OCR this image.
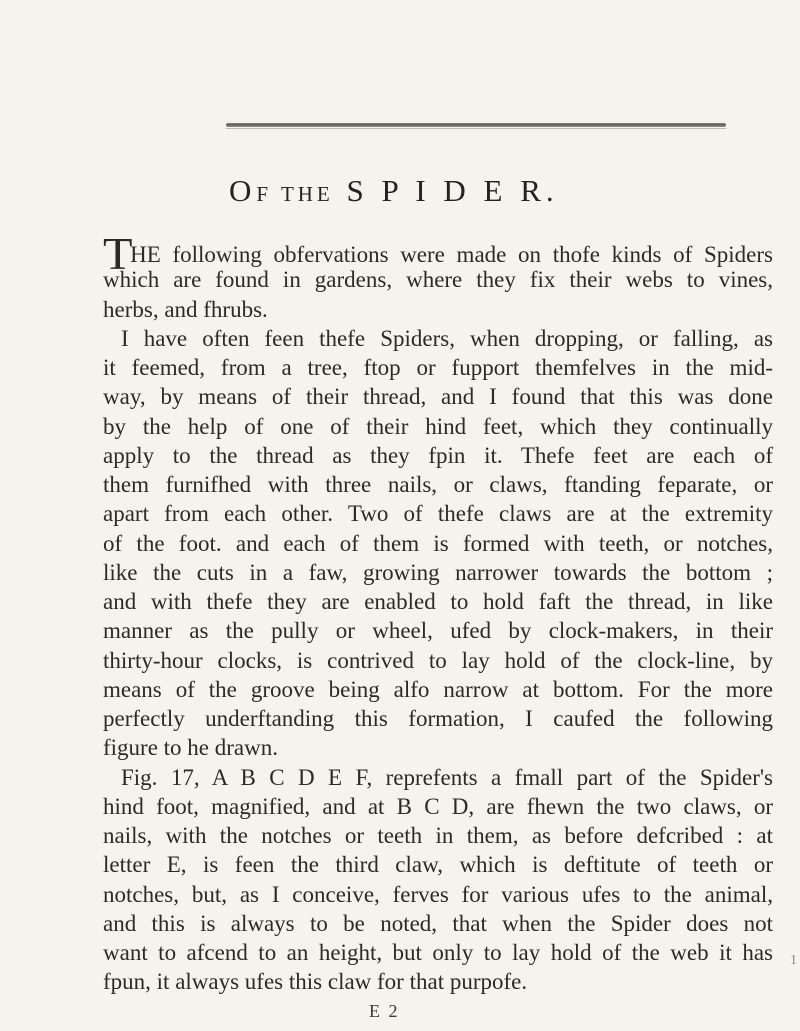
OF THE S P I D E R.
THE following obfervations were made on thofe kinds of Spiders
which are found in gardens, where they fix their webs to vines,
herbs, and fhrubs.
I have often feen thefe Spiders, when dropping, or falling, as
it feemed, from a tree, ftop or fupport themfelves in the mid-
way, by means of their thread, and I found that this was done
by the help of one of their hind feet, which they continually
apply to the thread as they fpin it. Thefe feet are each of
them furnifhed with three nails, or claws, ftanding feparate, or
apart from each other. Two of thefe claws are at the extremity
of the foot. and each of them is formed with teeth, or notches,
like the cuts in a faw, growing narrower towards the bottom ;
and with thefe they are enabled to hold faft the thread, in like
manner as the pully or wheel, ufed by clock-makers, in their
thirty-hour clocks, is contrived to lay hold of the clock-line, by
means of the groove being alfo narrow at bottom. For the more
perfectly underftanding this formation, I caufed the following
figure to he drawn.
Fig. 17, A B C D E F, reprefents a fmall part of the Spider's
hind foot, magnified, and at B C D, are fhewn the two claws, or
nails, with the notches or teeth in them, as before defcribed : at
letter E, is feen the third claw, which is deftitute of teeth or
notches, but, as I conceive, ferves for various ufes to the animal,
and this is always to be noted, that when the Spider does not
want to afcend to an height, but only to lay hold of the web it has
fpun, it always ufes this claw for that purpofe.
E 2
1
